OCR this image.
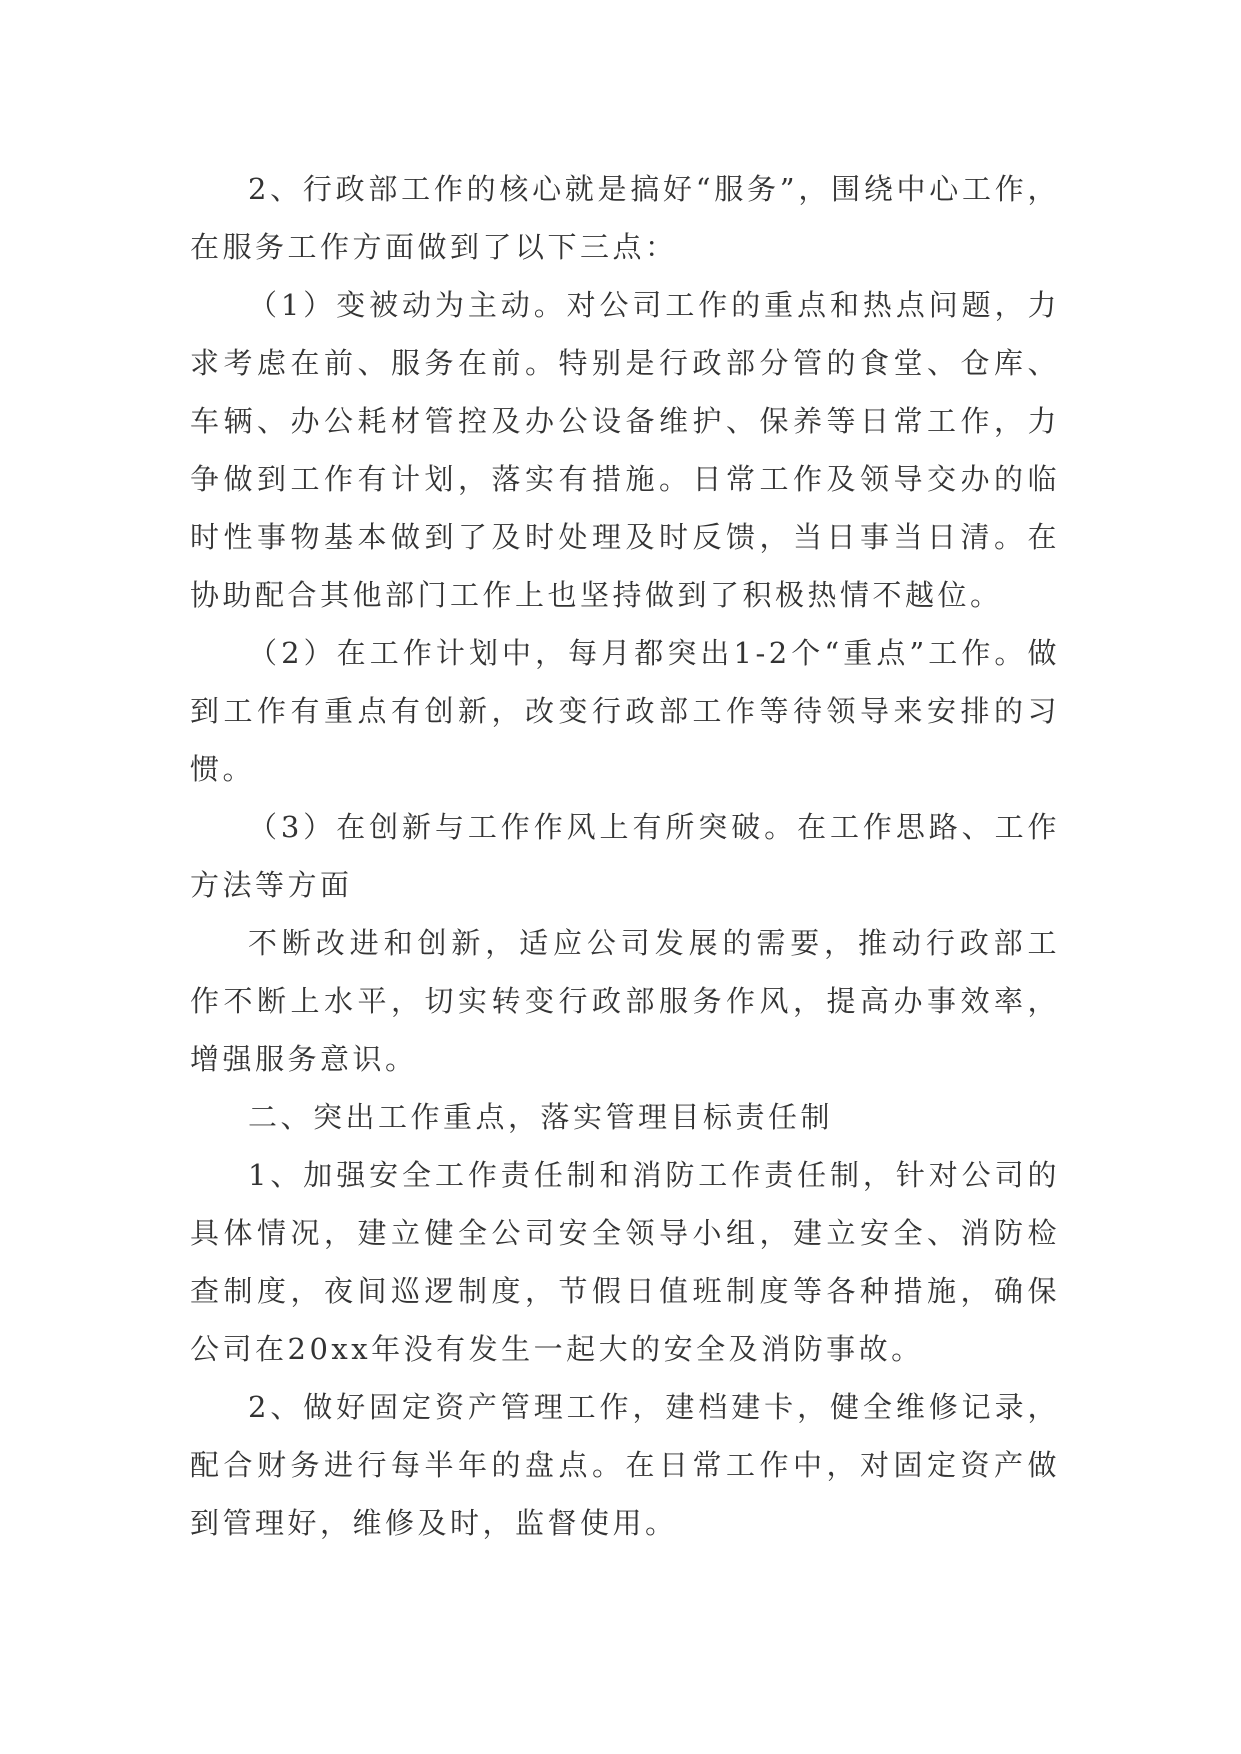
2、行政部工作的核心就是搞好“服务”，围绕中心工作，在服务工作方面做到了以下三点：

（1）变被动为主动。对公司工作的重点和热点问题，力求考虑在前、服务在前。特别是行政部分管的食堂、仓库、车辆、办公耗材管控及办公设备维护、保养等日常工作，力争做到工作有计划，落实有措施。日常工作及领导交办的临时性事物基本做到了及时处理及时反馈，当日事当日清。在协助配合其他部门工作上也坚持做到了积极热情不越位。

（2）在工作计划中，每月都突出1-2个“重点”工作。做到工作有重点有创新，改变行政部工作等待领导来安排的习惯。

（3）在创新与工作作风上有所突破。在工作思路、工作方法等方面

不断改进和创新，适应公司发展的需要，推动行政部工作不断上水平，切实转变行政部服务作风，提高办事效率，增强服务意识。

二、突出工作重点，落实管理目标责任制

1、加强安全工作责任制和消防工作责任制，针对公司的具体情况，建立健全公司安全领导小组，建立安全、消防检查制度，夜间巡逻制度，节假日值班制度等各种措施，确保公司在20xx年没有发生一起大的安全及消防事故。

2、做好固定资产管理工作，建档建卡，健全维修记录，配合财务进行每半年的盘点。在日常工作中，对固定资产做到管理好，维修及时，监督使用。
